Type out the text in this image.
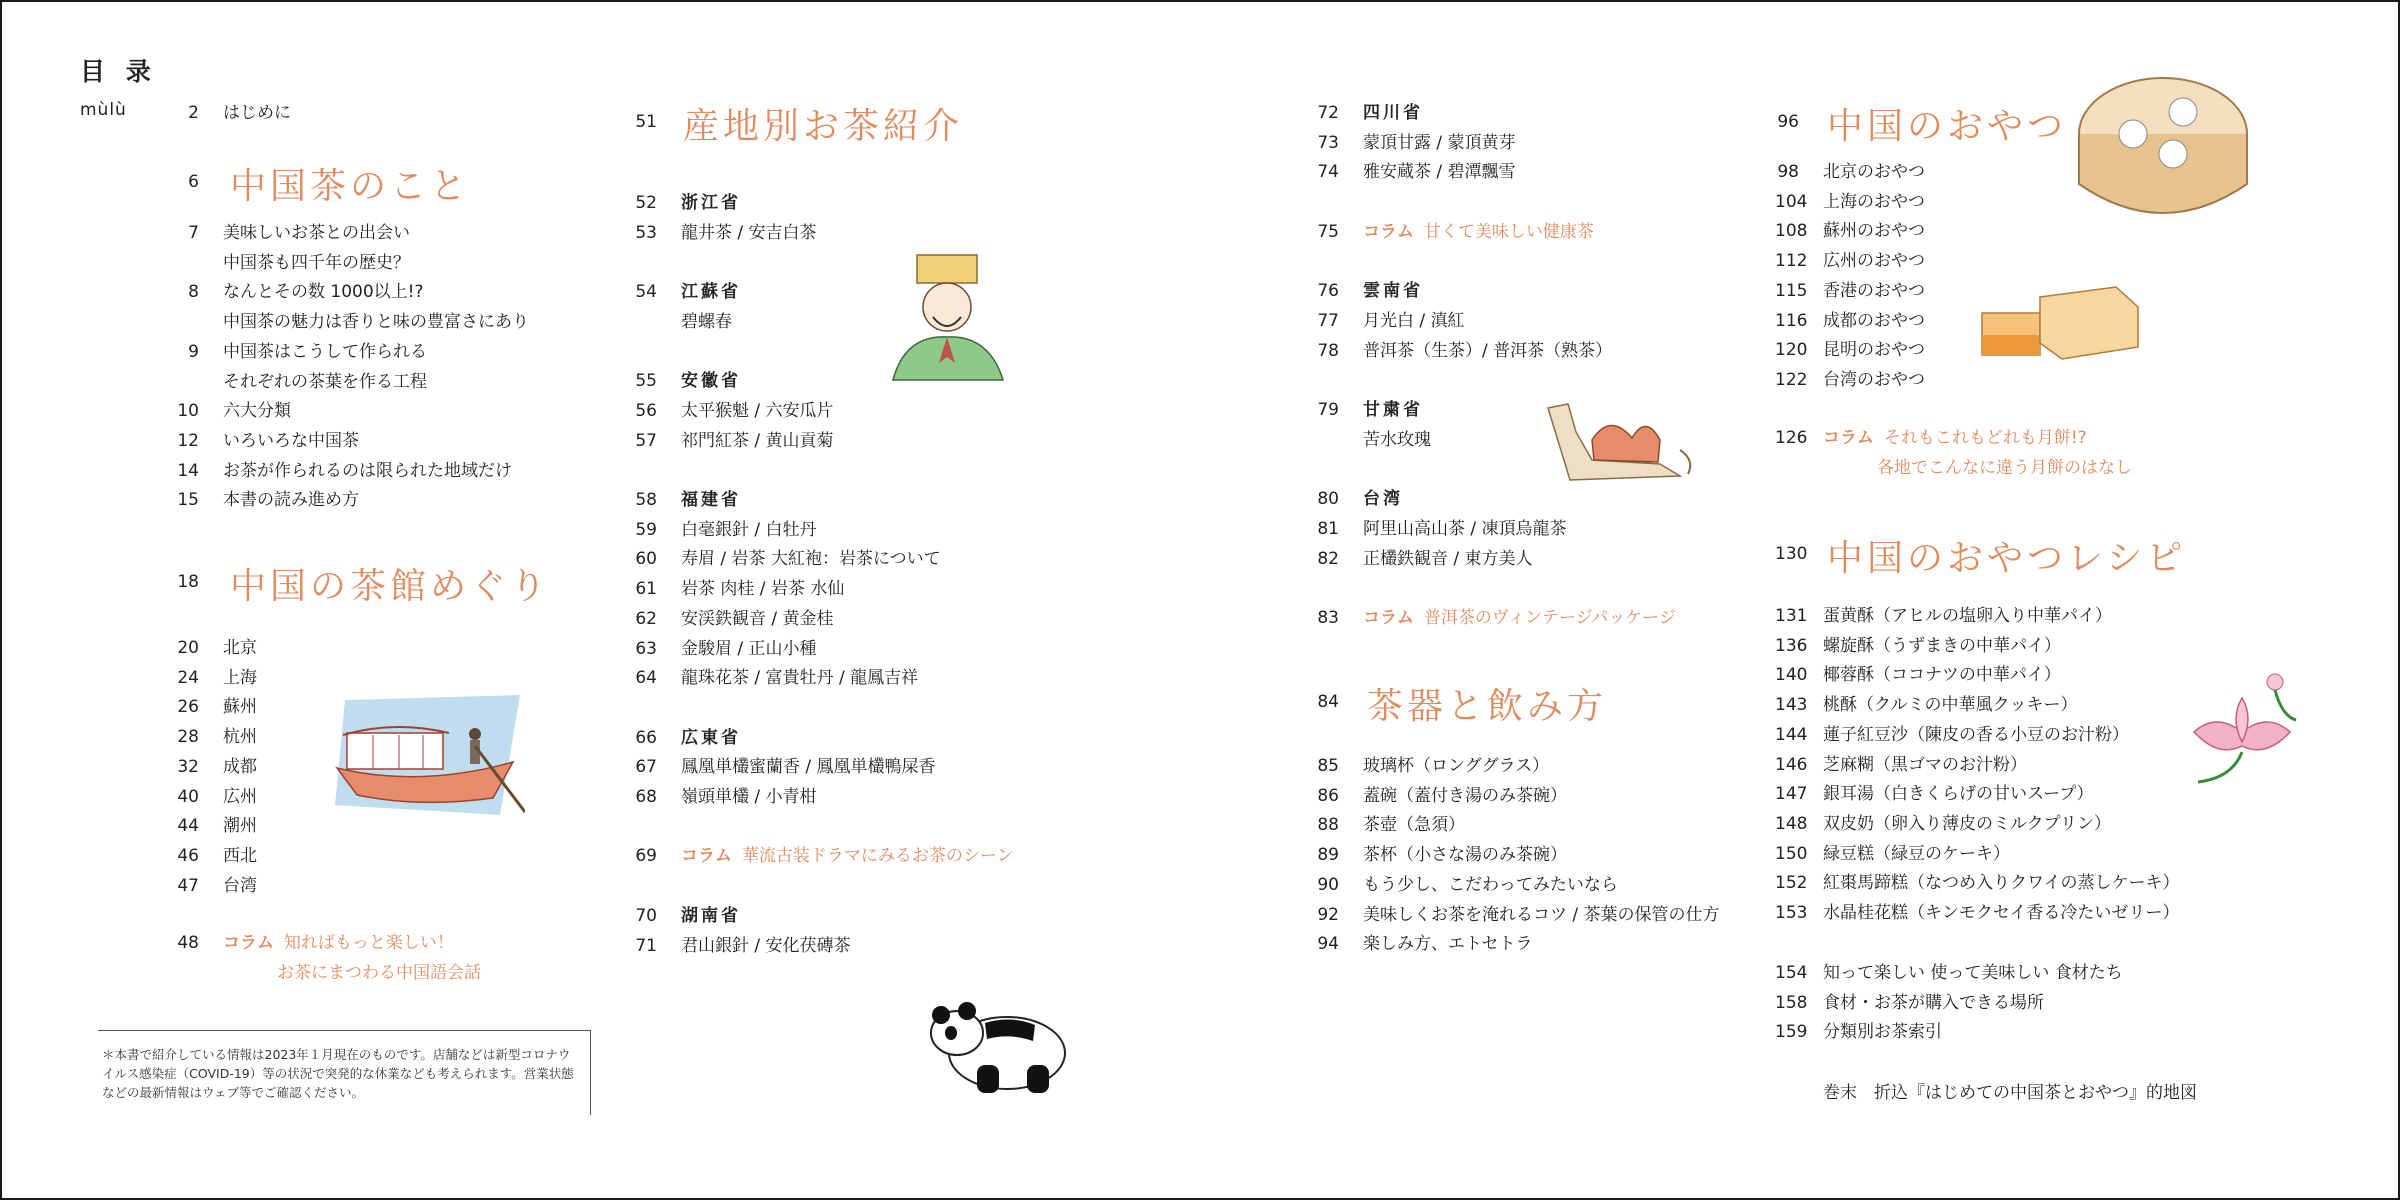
目 录
mùlù	2 はじめに
6 中国茶のこと
7 美味しいお茶との出会い
中国茶も四千年の歴史？
8 なんとその数 1000以上!?
中国茶の魅力は香りと味の豊富さにあり
9 中国茶はこうして作られる
それぞれの茶葉を作る工程
10 六大分類
12 いろいろな中国茶
14 お茶が作られるのは限られた地域だけ
15 本書の読み進め方
18 中国の茶館めぐり
20 北京
24 上海
26 蘇州
28 杭州
32 成都
40 広州
44 潮州
46 西北
47 台湾
48 コラム 知ればもっと楽しい！
お茶にまつわる中国語会話
＊本書で紹介している情報は2023年１月現在のものです。店舗などは新型コロナウイルス感染症（COVID-19）等の状況で突発的な休業なども考えられます。営業状態などの最新情報はウェブ等でご確認ください。
51 産地別お茶紹介
52 浙江省
53 龍井茶 / 安吉白茶
54 江蘇省
碧螺春
55 安徽省
56 太平猴魁 / 六安瓜片
57 祁門紅茶 / 黄山貢菊
58 福建省
59 白毫銀針 / 白牡丹
60 寿眉 / 岩茶 大紅袍：岩茶について
61 岩茶 肉桂 / 岩茶 水仙
62 安渓鉄観音 / 黄金桂
63 金駿眉 / 正山小種
64 龍珠花茶 / 富貴牡丹 / 龍鳳吉祥
66 広東省
67 鳳凰単欉蜜蘭香 / 鳳凰単欉鴨屎香
68 嶺頭単欉 / 小青柑
69 コラム 華流古装ドラマにみるお茶のシーン
70 湖南省
71 君山銀針 / 安化茯磚茶
72 四川省
73 蒙頂甘露 / 蒙頂黄芽
74 雅安蔵茶 / 碧潭飄雪
75 コラム 甘くて美味しい健康茶
76 雲南省
77 月光白 / 滇紅
78 普洱茶（生茶）/ 普洱茶（熟茶）
79 甘粛省
苦水玫瑰
80 台湾
81 阿里山高山茶 / 凍頂烏龍茶
82 正欉鉄観音 / 東方美人
83 コラム 普洱茶のヴィンテージパッケージ
84 茶器と飲み方
85 玻璃杯（ロンググラス）
86 蓋碗（蓋付き湯のみ茶碗）
88 茶壺（急須）
89 茶杯（小さな湯のみ茶碗）
90 もう少し、こだわってみたいなら
92 美味しくお茶を淹れるコツ / 茶葉の保管の仕方
94 楽しみ方、エトセトラ
96 中国のおやつ
98 北京のおやつ
104 上海のおやつ
108 蘇州のおやつ
112 広州のおやつ
115 香港のおやつ
116 成都のおやつ
120 昆明のおやつ
122 台湾のおやつ
126 コラム それもこれもどれも月餅!?
各地でこんなに違う月餅のはなし
130 中国のおやつレシピ
131 蛋黄酥（アヒルの塩卵入り中華パイ）
136 螺旋酥（うずまきの中華パイ）
140 椰蓉酥（ココナツの中華パイ）
143 桃酥（クルミの中華風クッキー）
144 蓮子紅豆沙（陳皮の香る小豆のお汁粉）
146 芝麻糊（黒ゴマのお汁粉）
147 銀耳湯（白きくらげの甘いスープ）
148 双皮奶（卵入り薄皮のミルクプリン）
150 緑豆糕（緑豆のケーキ）
152 紅棗馬蹄糕（なつめ入りクワイの蒸しケーキ）
153 水晶桂花糕（キンモクセイ香る冷たいゼリー）
154 知って楽しい 使って美味しい 食材たち
158 食材・お茶が購入できる場所
159 分類別お茶索引
巻末　折込『はじめての中国茶とおやつ』的地図
